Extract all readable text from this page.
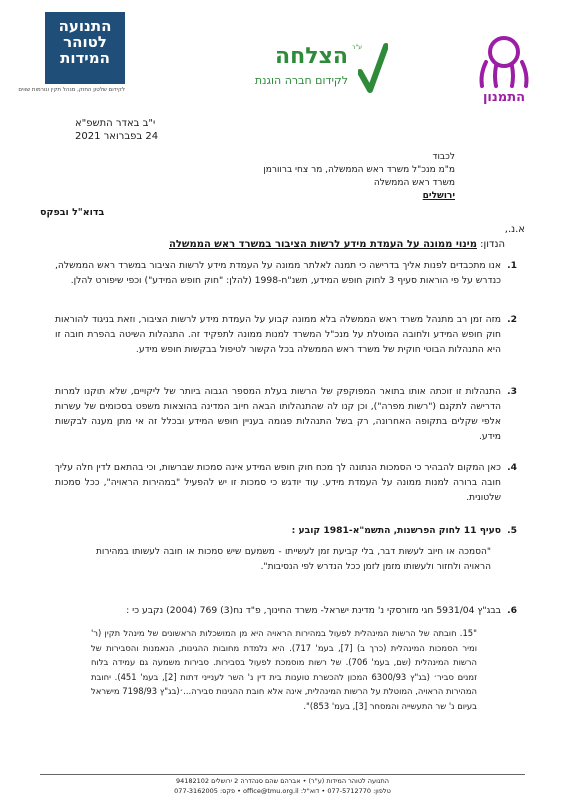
התנועה
לטוהר
המידות
לקידום שלטון החוק, מנהל תקין ונורמות שווים
הצלחה ע"ר
לקידום חברה הוגנת
התמנון
י"ב באדר התשפ"א
24 בפברואר 2021
לכבוד
מ"מ מנכ"ל משרד ראש הממשלה, מר צחי ברוורמן
משרד ראש הממשלה
ירושלים
בדוא"ל ובפקס
א.נ.,
הנדון: מינוי ממונה על העמדת מידע לרשות הציבור במשרד ראש הממשלה
1.
אנו מתכבדים לפנות אליך בדרישה כי תמנה לאלתר ממונה על העמדת מידע לרשות הציבור במשרד ראש הממשלה, כנדרש על פי הוראות סעיף 3 לחוק חופש המידע, תשנ"ח-1998 (להלן: "חוק חופש המידע") וכפי שיפורט להלן.
2.
מזה זמן רב מתנהל משרד ראש הממשלה בלא ממונה קבוע על העמדת מידע לרשות הציבור, וזאת בניגוד להוראות חוק חופש המידע ולחובה המוטלת על מנכ"ל המשרד למנות ממונה לתפקיד זה. התנהלות השיטה בהפרת חובה זו היא התנהלות הבוטי חוקית של משרד ראש הממשלה בכל הקשור לטיפול בבקשות חופש מידע.
3.
התנהלות זו זוכתה אותו בתואר המפוקפק של הרשות בעלת המספר הגבוה ביותר של ליקויים, שלא תוקנו למרות הדרישה לתקנם ("רשות מפרה"), וכן קנו לה שהתנהלותו הבאה חיוב המדינה בהוצאות משפט בסכומים של עשרות אלפי שקלים בתקופה האחרונה, רק בשל התנהלות פגומה בעניין חופש המידע ובכלל זה אי מתן מענה לבקשות מידע.
4.
כאן המקום להבהיר כי הסמכות הנתונה לך מכח חוק חופש המידע אינה סמכות שברשות, וכי בהתאם לדין חלה עליך חובה ברורה למנות ממונה על העמדת מידע. עוד יודגש כי סמכות זו יש להפעיל "במהירות הראויה", ככל סמכות שלטונית.
5.
סעיף 11 לחוק הפרשנות, התשמ"א-1981 קובע :
"הסמכה או חיוב לעשות דבר, בלי קביעת זמן לעשייתו - משמעם שיש סמכות או חובה לעשותו במהירות הראויה ולחזור ולעשותו מזמן לזמן ככל הנדרש לפי הנסיבות".
6.
בבג"ץ 5931/04 חגי מזורסקי נ' מדינת ישראל- משרד החינוך, פ"ד נח(3) 769 (2004) נקבע כי :
"15. חובתה של הרשות המינהלית לפעול במהירות הראויה היא מן המושכלות הראשונים של מינהל תקין (ר' ומיר הסמכות המינהלית (כרך ב) [7], בעמ' 717). היא נלמדת מחובות ההגינות, הנאמנות והסבירות של הרשות המינהלית (שם, בעמ' 706). של רשות מוסמכת לפעול בסבירות. סבירות משמעה גם עמידה בלוח זמנים סביר׳ (בג"ץ 6300/93 המכון להכשרת טוענות בית דין נ' השר לענייני דתות [2], בעמ' 451). יחובת המהירות הראויה, המוטלת על הרשות המינהלית, אינה אלא חובת ההגינות סבירה...׳(בג"ץ 7198/93 מישראל בעיום נ' שר התעשייה והמסחר [3], בעמ' 853)".
התנועה לטוהר המידות (ע"ר) • אברהם שהם סנהדרה 2 ירושלים 94182102
טלפון: 077-5712770 • דוא"ל: office@tmu.org.il • פקס: 077-3162005
